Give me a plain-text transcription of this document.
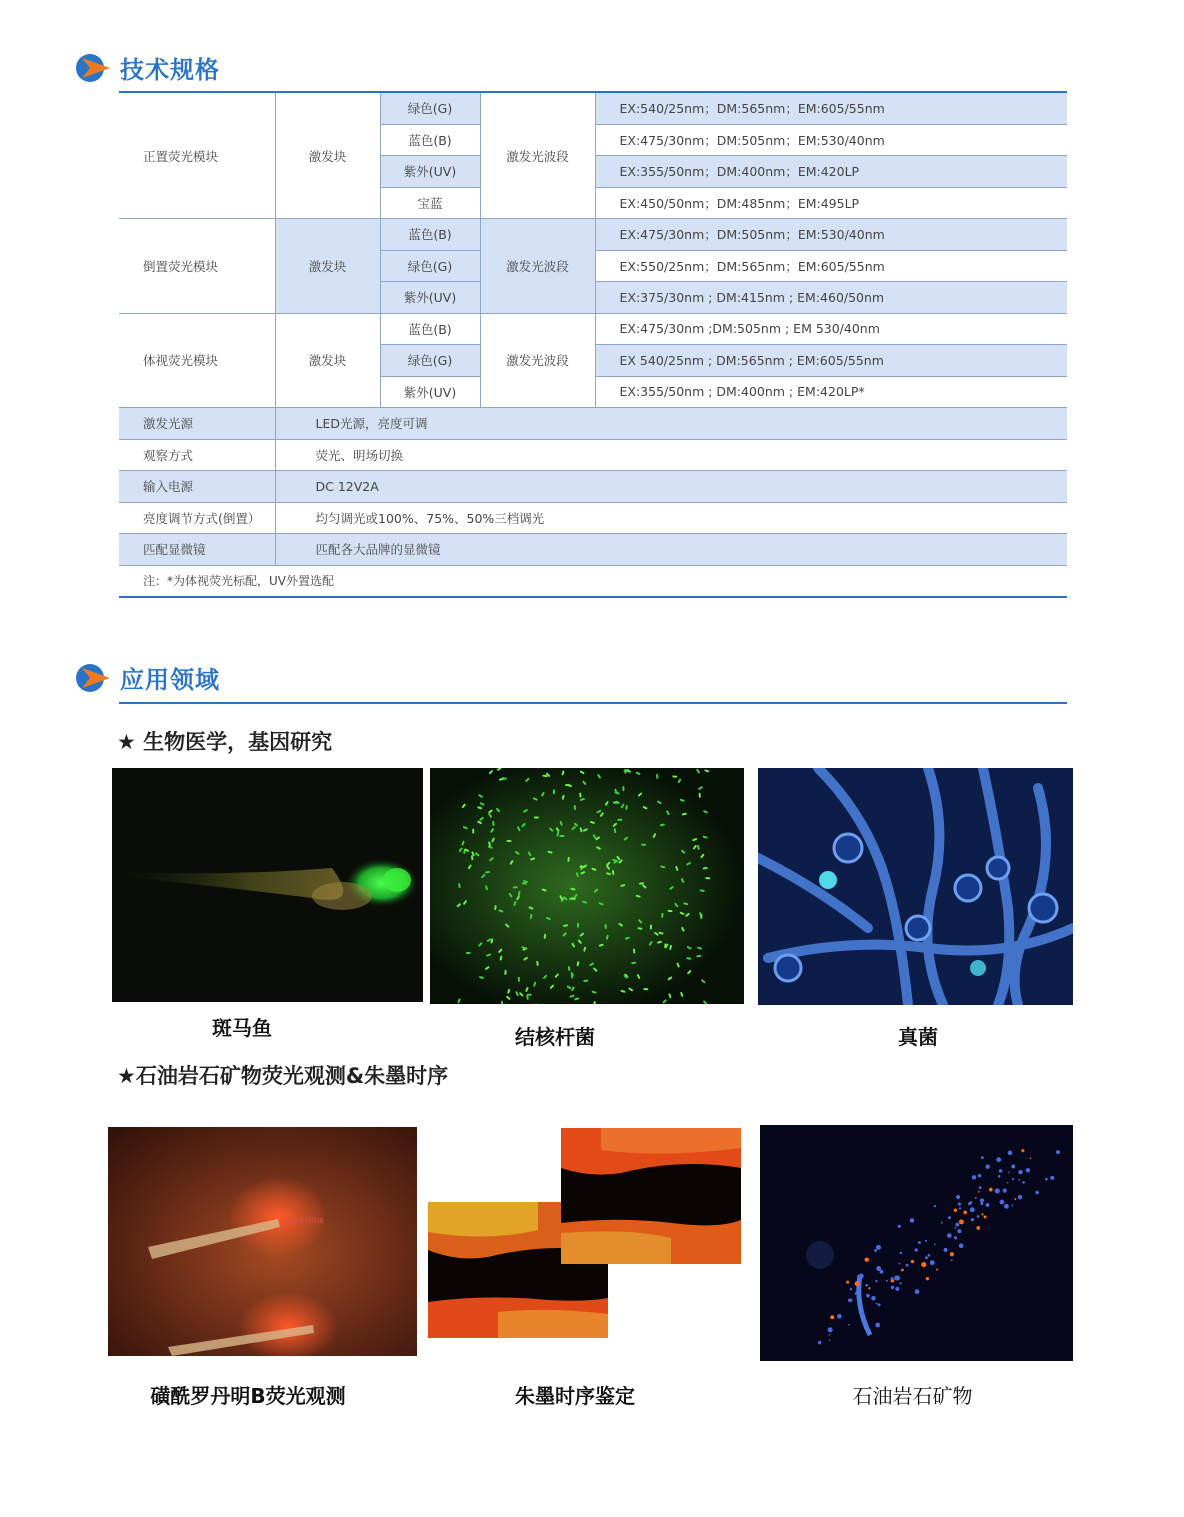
技术规格
正置荧光模块	激发块	绿色(G)	激发光波段	EX:540/25nm；DM:565nm；EM:605/55nm
		蓝色(B)		EX:475/30nm；DM:505nm；EM:530/40nm
		紫外(UV)		EX:355/50nm；DM:400nm；EM:420LP
		宝蓝		EX:450/50nm；DM:485nm；EM:495LP
倒置荧光模块	激发块	蓝色(B)	激发光波段	EX:475/30nm；DM:505nm；EM:530/40nm
		绿色(G)		EX:550/25nm；DM:565nm；EM:605/55nm
		紫外(UV)		EX:375/30nm ; DM:415nm ; EM:460/50nm
体视荧光模块	激发块	蓝色(B)	激发光波段	EX:475/30nm ;DM:505nm ; EM 530/40nm
		绿色(G)		EX 540/25nm ; DM:565nm ; EM:605/55nm
		紫外(UV)		EX:355/50nm ; DM:400nm ; EM:420LP*
激发光源	LED光源，亮度可调			
观察方式	荧光、明场切换			
输入电源	DC 12V2A			
亮度调节方式(倒置）	均匀调光或100%、75%、50%三档调光			
匹配显微镜	匹配各大品牌的显微镜			
注：*为体视荧光标配，UV外置选配				
应用领域
★ 生物医学，基因研究
斑马鱼	结核杆菌	真菌
★石油岩石矿物荧光观测&朱墨时序
磺酰罗丹明B
磺酰罗丹明B荧光观测	朱墨时序鉴定	石油岩石矿物
